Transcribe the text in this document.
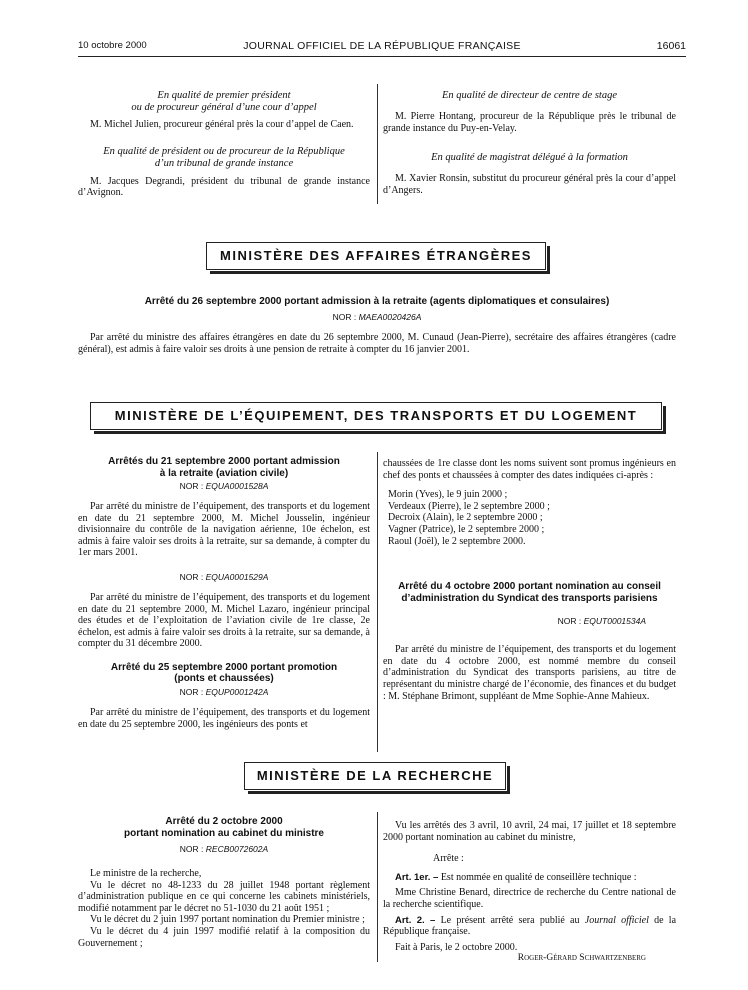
10 octobre 2000	JOURNAL OFFICIEL DE LA RÉPUBLIQUE FRANÇAISE	16061

En qualité de premier président
ou de procureur général d’une cour d’appel

M. Michel Julien, procureur général près la cour d’appel de Caen.

En qualité de président ou de procureur de la République
d’un tribunal de grande instance

M. Jacques Degrandi, président du tribunal de grande instance d’Avignon.

En qualité de directeur de centre de stage

M. Pierre Hontang, procureur de la République près le tribunal de grande instance du Puy-en-Velay.

En qualité de magistrat délégué à la formation

M. Xavier Ronsin, substitut du procureur général près la cour d’appel d’Angers.

MINISTÈRE DES AFFAIRES ÉTRANGÈRES

Arrêté du 26 septembre 2000 portant admission à la retraite (agents diplomatiques et consulaires)

NOR : MAEA0020426A

Par arrêté du ministre des affaires étrangères en date du 26 septembre 2000, M. Cunaud (Jean-Pierre), secrétaire des affaires étrangères (cadre général), est admis à faire valoir ses droits à une pension de retraite à compter du 16 janvier 2001.

MINISTÈRE DE L’ÉQUIPEMENT, DES TRANSPORTS ET DU LOGEMENT

Arrêtés du 21 septembre 2000 portant admission
à la retraite (aviation civile)

NOR : EQUA0001528A

Par arrêté du ministre de l’équipement, des transports et du logement en date du 21 septembre 2000, M. Michel Jousselin, ingénieur divisionnaire du contrôle de la navigation aérienne, 10e échelon, est admis à faire valoir ses droits à la retraite, sur sa demande, à compter du 1er mars 2001.

NOR : EQUA0001529A

Par arrêté du ministre de l’équipement, des transports et du logement en date du 21 septembre 2000, M. Michel Lazaro, ingénieur principal des études et de l’exploitation de l’aviation civile de 1re classe, 2e échelon, est admis à faire valoir ses droits à la retraite, sur sa demande, à compter du 31 décembre 2000.

Arrêté du 25 septembre 2000 portant promotion
(ponts et chaussées)

NOR : EQUP0001242A

Par arrêté du ministre de l’équipement, des transports et du logement en date du 25 septembre 2000, les ingénieurs des ponts et

chaussées de 1re classe dont les noms suivent sont promus ingénieurs en chef des ponts et chaussées à compter des dates indiquées ci-après :

Morin (Yves), le 9 juin 2000 ;

Verdeaux (Pierre), le 2 septembre 2000 ;

Decroix (Alain), le 2 septembre 2000 ;

Vagner (Patrice), le 2 septembre 2000 ;

Raoul (Joël), le 2 septembre 2000.

Arrêté du 4 octobre 2000 portant nomination au conseil d’administration du Syndicat des transports parisiens

NOR : EQUT0001534A

Par arrêté du ministre de l’équipement, des transports et du logement en date du 4 octobre 2000, est nommé membre du conseil d’administration du Syndicat des transports parisiens, au titre de représentant du ministre chargé de l’économie, des finances et du budget : M. Stéphane Brimont, suppléant de Mme Sophie-Anne Mahieux.

MINISTÈRE DE LA RECHERCHE

Arrêté du 2 octobre 2000
portant nomination au cabinet du ministre

NOR : RECB0072602A

Le ministre de la recherche,

Vu le décret no 48-1233 du 28 juillet 1948 portant règlement d’administration publique en ce qui concerne les cabinets ministériels, modifié notamment par le décret no 51-1030 du 21 août 1951 ;

Vu le décret du 2 juin 1997 portant nomination du Premier ministre ;

Vu le décret du 4 juin 1997 modifié relatif à la composition du Gouvernement ;

Vu les arrêtés des 3 avril, 10 avril, 24 mai, 17 juillet et 18 septembre 2000 portant nomination au cabinet du ministre,

Arrête :

Art. 1er. – Est nommée en qualité de conseillère technique :

Mme Christine Benard, directrice de recherche du Centre national de la recherche scientifique.

Art. 2. – Le présent arrêté sera publié au Journal officiel de la République française.

Fait à Paris, le 2 octobre 2000.

Roger-Gérard Schwartzenberg
